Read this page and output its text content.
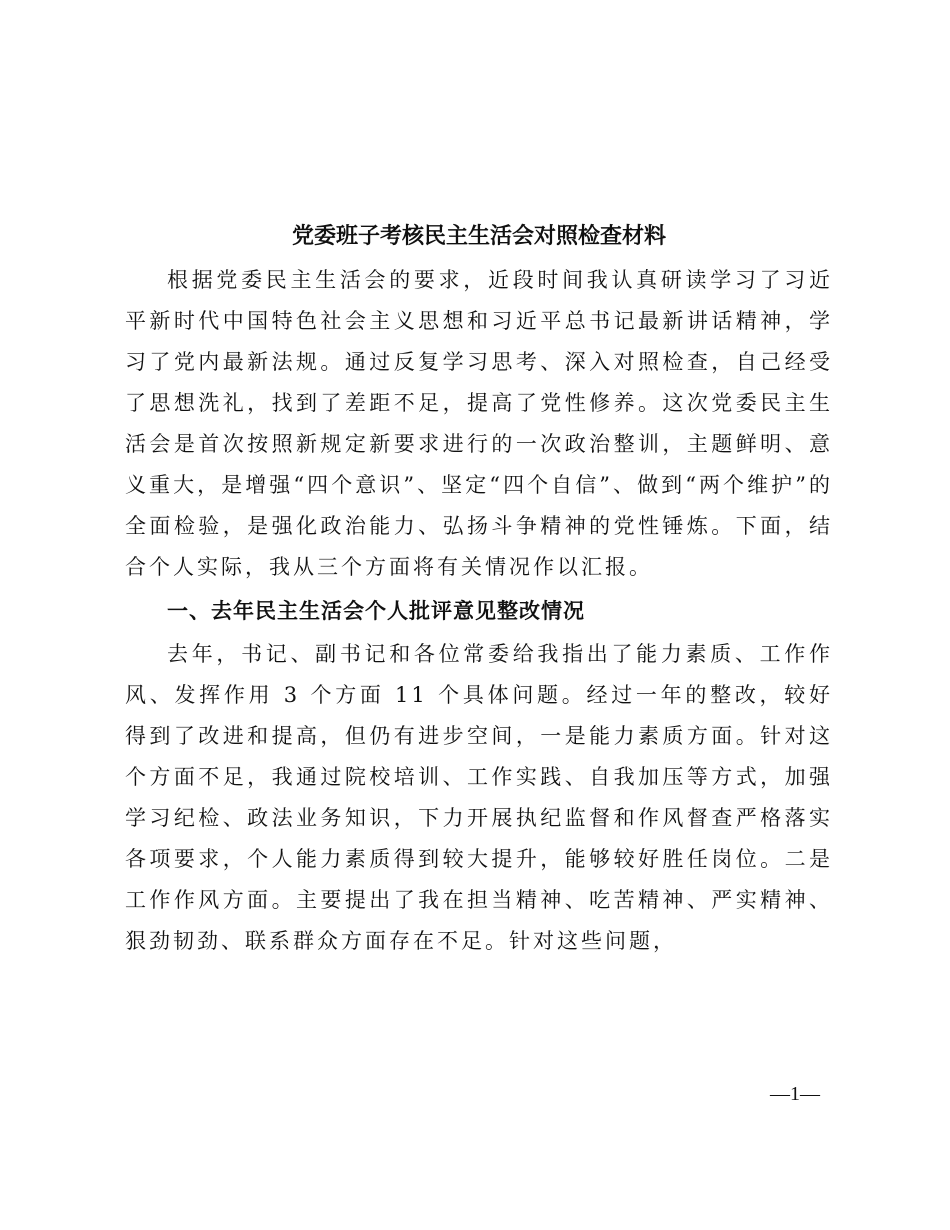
党委班子考核民主生活会对照检查材料

根据党委民主生活会的要求，近段时间我认真研读学习了习近平新时代中国特色社会主义思想和习近平总书记最新讲话精神，学习了党内最新法规。通过反复学习思考、深入对照检查，自己经受了思想洗礼，找到了差距不足，提高了党性修养。这次党委民主生活会是首次按照新规定新要求进行的一次政治整训，主题鲜明、意义重大，是增强“四个意识”、坚定“四个自信”、做到“两个维护”的全面检验，是强化政治能力、弘扬斗争精神的党性锤炼。下面，结合个人实际，我从三个方面将有关情况作以汇报。

一、去年民主生活会个人批评意见整改情况

去年，书记、副书记和各位常委给我指出了能力素质、工作作风、发挥作用 3 个方面 11 个具体问题。经过一年的整改，较好得到了改进和提高，但仍有进步空间，一是能力素质方面。针对这个方面不足，我通过院校培训、工作实践、自我加压等方式，加强学习纪检、政法业务知识，下力开展执纪监督和作风督查严格落实各项要求，个人能力素质得到较大提升，能够较好胜任岗位。二是工作作风方面。主要提出了我在担当精神、吃苦精神、严实精神、狠劲韧劲、联系群众方面存在不足。针对这些问题，

—1—
